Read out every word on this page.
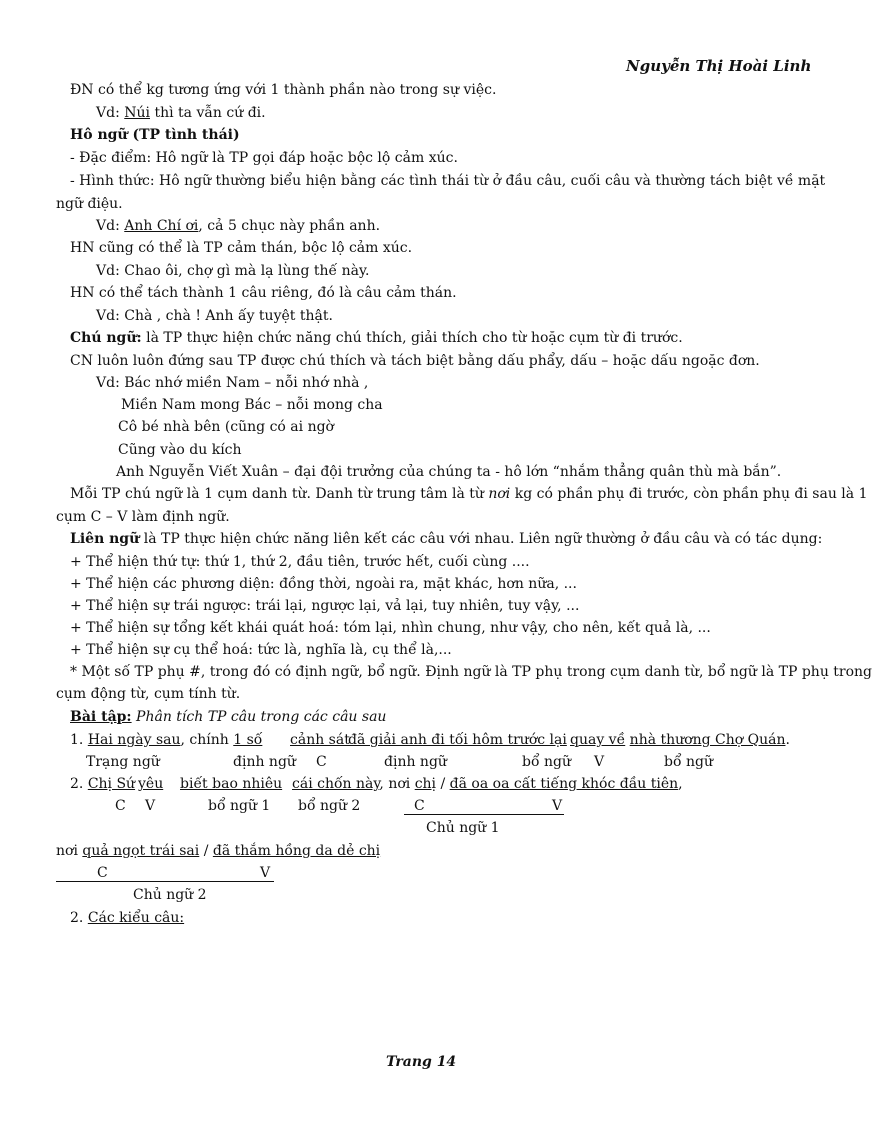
Nguyễn Thị Hoài Linh
ĐN có thể kg tương ứng với 1 thành phần nào trong sự việc.
Vd: Núi thì ta vẫn cứ đi.
Hô ngữ (TP tình thái)
- Đặc điểm: Hô ngữ là TP gọi đáp hoặc bộc lộ cảm xúc.
- Hình thức: Hô ngữ thường biểu hiện bằng các tình thái từ ở đầu câu, cuối câu và thường tách biệt về mặt
ngữ điệu.
Vd: Anh Chí ơi, cả 5 chục này phần anh.
HN cũng có thể là TP cảm thán, bộc lộ cảm xúc.
Vd: Chao ôi, chợ gì mà lạ lùng thế này.
HN có thể tách thành 1 câu riêng, đó là câu cảm thán.
Vd: Chà , chà ! Anh ấy tuyệt thật.
Chú ngữ: là TP thực hiện chức năng chú thích, giải thích cho từ hoặc cụm từ đi trước.
CN luôn luôn đứng sau TP được chú thích và tách biệt bằng dấu phẩy, dấu – hoặc dấu ngoặc đơn.
Vd: Bác nhớ miền Nam – nỗi nhớ nhà ,
Miền Nam mong Bác – nỗi mong cha
Cô bé nhà bên (cũng có ai ngờ
Cũng vào du kích
Anh Nguyễn Viết Xuân – đại đội trưởng của chúng ta - hô lớn “nhắm thẳng quân thù mà bắn”.
Mỗi TP chú ngữ là 1 cụm danh từ. Danh từ trung tâm là từ nơi kg có phần phụ đi trước, còn phần phụ đi sau là 1
cụm C – V làm định ngữ.
Liên ngữ là TP thực hiện chức năng liên kết các câu với nhau. Liên ngữ thường ở đầu câu và có tác dụng:
+ Thể hiện thứ tự: thứ 1, thứ 2, đầu tiên, trước hết, cuối cùng ....
+ Thể hiện các phương diện: đồng thời, ngoài ra, mặt khác, hơn nữa, ...
+ Thể hiện sự trái ngược: trái lại, ngược lại, vả lại, tuy nhiên, tuy vậy, ...
+ Thể hiện sự tổng kết khái quát hoá: tóm lại, nhìn chung, như vậy, cho nên, kết quả là, ...
+ Thể hiện sự cụ thể hoá: tức là, nghĩa là, cụ thể là,...
* Một số TP phụ #, trong đó có định ngữ, bổ ngữ. Định ngữ là TP phụ trong cụm danh từ, bổ ngữ là TP phụ trong
cụm động từ, cụm tính từ.
Bài tập: Phân tích TP câu trong các câu sau
1. Hai ngày sau, chính 1 số cảnh sát
đã giải anh đi tối hôm trước lại quay về nhà thương Chợ Quán.
Trạng ngữ	định ngữ C	định ngữ	bổ ngữ V	bổ ngữ
2. Chị Sứ yêu biết bao nhiêu cái chốn này, nơi chị / đã oa oa cất tiếng khóc đầu tiên,
C V	bổ ngữ 1 bổ ngữ 2	C	V
Chủ ngữ 1
nơi quả ngọt trái sai / đã thắm hồng da dẻ chị
C	V
Chủ ngữ 2
2. Các kiểu câu:
Trang 14
